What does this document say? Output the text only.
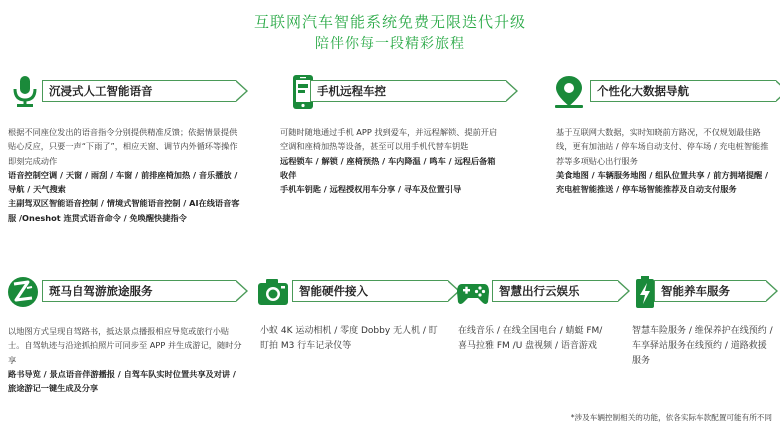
互联网汽车智能系统免费无限迭代升级
陪伴你每一段精彩旅程
沉浸式人工智能语音

根据不同座位发出的语音指令分别提供精准反馈；依据情景提供贴心反应，只要一声“下雨了”，相应天窗、调节内外循环等操作即刻完成动作

语音控制空调 / 天窗 / 雨刮 / 车窗 / 前排座椅加热 / 音乐播放 / 导航 / 天气搜索

主副驾双区智能语音控制 / 情境式智能语音控制 / AI在线语音客服 /Oneshot 连贯式语音命令 / 免唤醒快捷指令

手机远程车控

可随时随地通过手机 APP 找到爱车，并远程解锁、提前开启空调和座椅加热等设备，甚至可以用手机代替车钥匙

远程锁车 / 解锁 / 座椅预热 / 车内降温 / 鸣车 / 远程后备箱收伴

手机车钥匙 / 远程授权用车分享 / 寻车及位置引导

个性化大数据导航

基于互联网大数据，实时知晓前方路况，不仅规划最佳路线，更有加油站 / 停车场自动支付、停车场 / 充电桩智能推荐等多项贴心出行服务

美食地图 / 车辆服务地图 / 组队位置共享 / 前方拥堵提醒 / 充电桩智能推送 / 停车场智能推荐及自动支付服务

斑马自驾游旅途服务

以地图方式呈现自驾路书，抵达景点播报相应导览或旅行小贴士。自驾轨迹与沿途抓拍照片可同步至 APP 并生成游记，随时分享

路书导览 / 景点语音伴游播报 / 自驾车队实时位置共享及对讲 / 旅途游记一键生成及分享

智能硬件接入

小蚁 4K 运动相机 / 零度 Dobby 无人机 / 盯盯拍 M3 行车记录仪等

智慧出行云娱乐

在线音乐 / 在线全国电台 / 蜻蜓 FM/ 喜马拉雅 FM /U 盘视频 / 语音游戏

智能养车服务

智慧车险服务 / 维保养护在线预约 / 车享驿站服务在线预约 / 道路救援服务

*涉及车辆控制相关的功能，依各实际车款配置可能有所不同
